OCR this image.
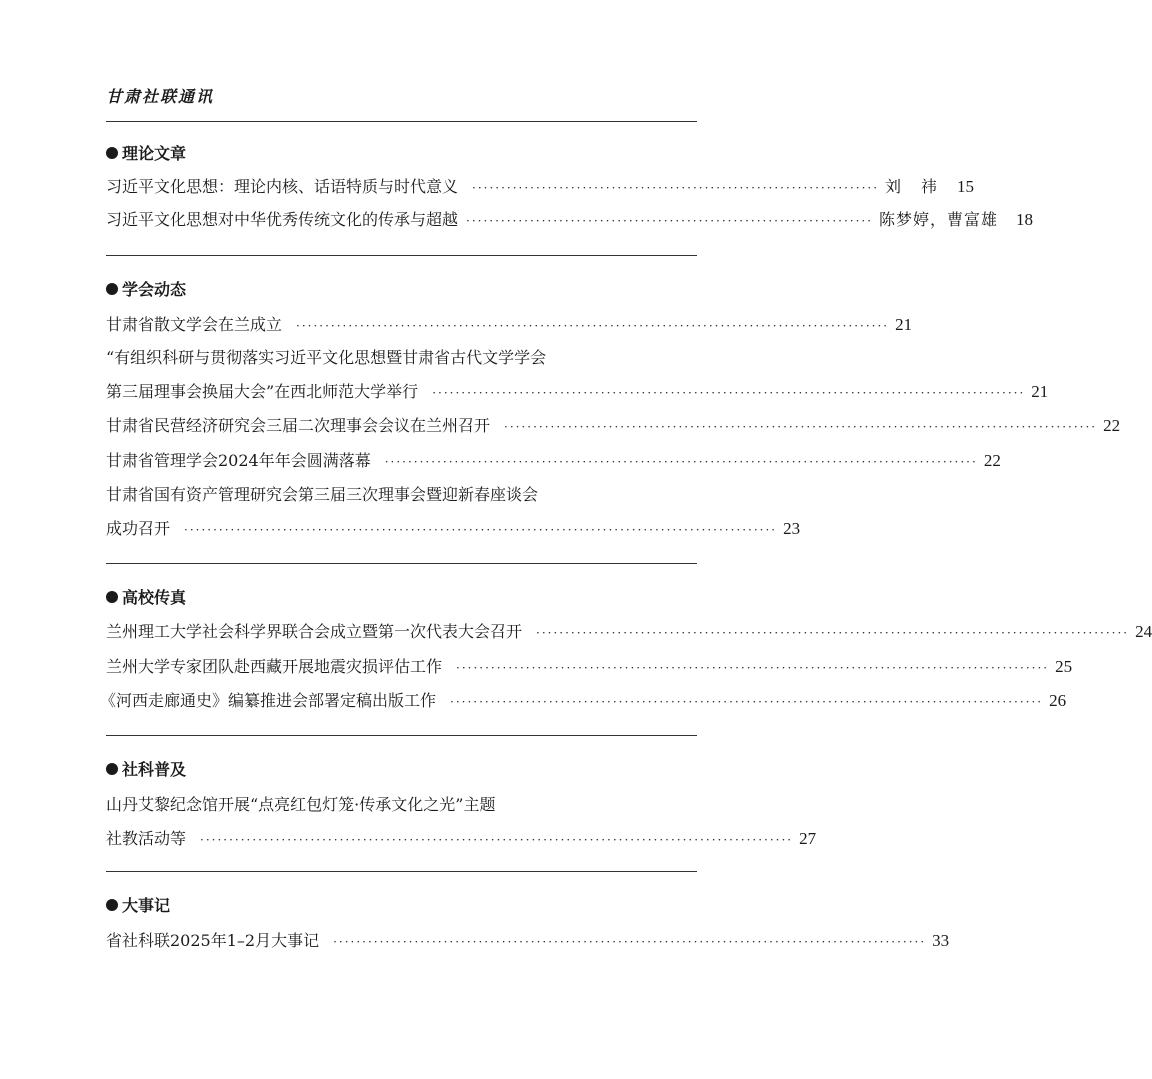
甘肃社联通讯
理论文章
习近平文化思想：理论内核、话语特质与时代意义 ······································································ 刘　祎 15
习近平文化思想对中华优秀传统文化的传承与超越 ······································································ 陈梦婷，曹富雄 18
学会动态
甘肃省散文学会在兰成立 ······································································································ 21
“有组织科研与贯彻落实习近平文化思想暨甘肃省古代文学学会
第三届理事会换届大会”在西北师范大学举行 ······································································································ 21
甘肃省民营经济研究会三届二次理事会会议在兰州召开 ······································································································ 22
甘肃省管理学会2024年年会圆满落幕 ······································································································ 22
甘肃省国有资产管理研究会第三届三次理事会暨迎新春座谈会
成功召开 ······································································································ 23
高校传真
兰州理工大学社会科学界联合会成立暨第一次代表大会召开 ······································································································ 24
兰州大学专家团队赴西藏开展地震灾损评估工作 ······································································································ 25
《河西走廊通史》编纂推进会部署定稿出版工作 ······································································································ 26
社科普及
山丹艾黎纪念馆开展“点亮红包灯笼·传承文化之光”主题
社教活动等 ······································································································ 27
大事记
省社科联2025年1–2月大事记 ······································································································ 33
